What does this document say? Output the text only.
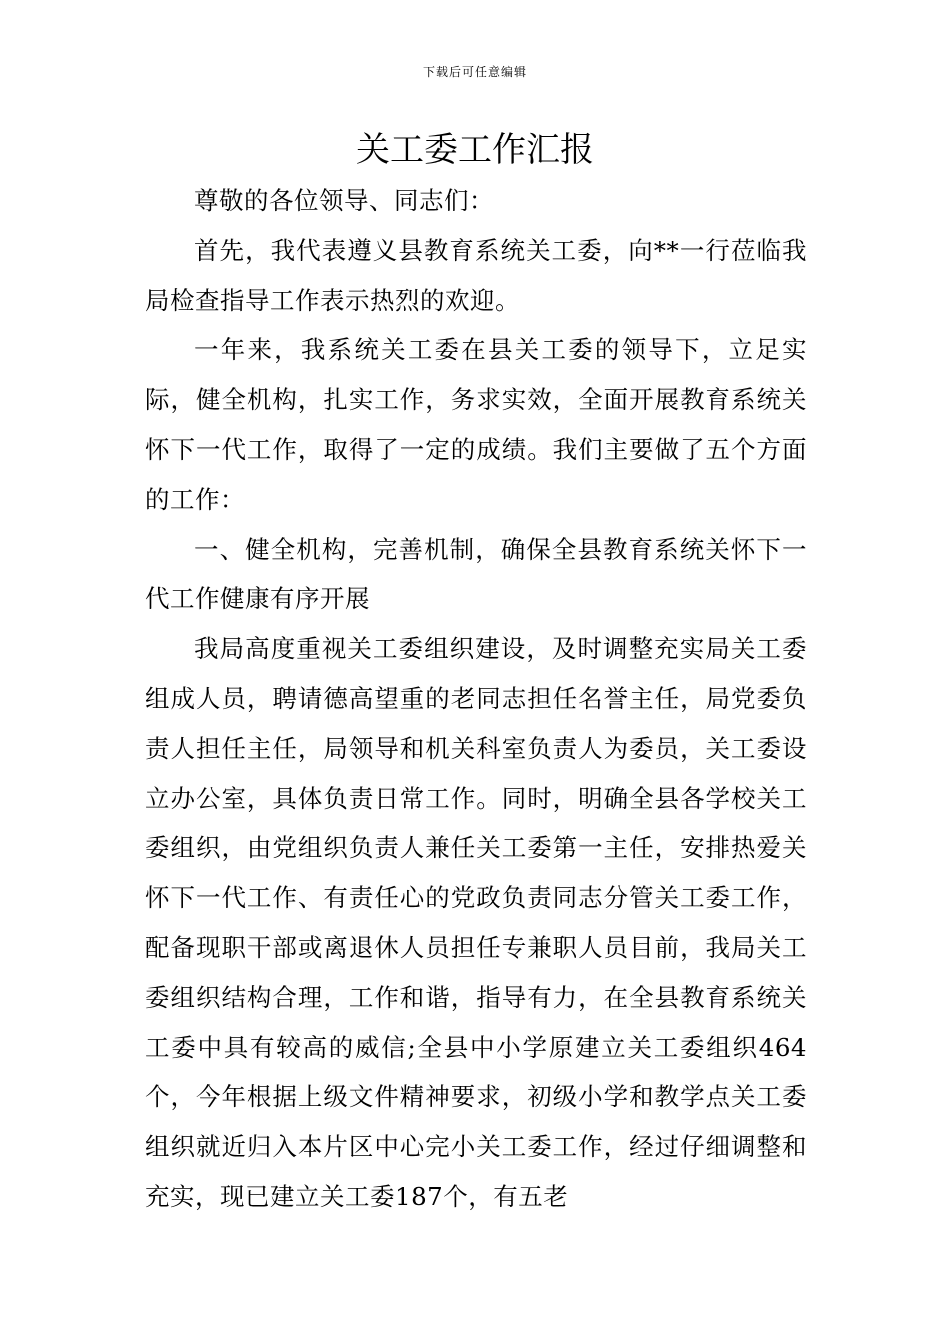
下载后可任意编辑
关工委工作汇报

尊敬的各位领导、同志们：

首先，我代表遵义县教育系统关工委，向**一行莅临我局检查指导工作表示热烈的欢迎。

一年来，我系统关工委在县关工委的领导下，立足实际，健全机构，扎实工作，务求实效，全面开展教育系统关怀下一代工作，取得了一定的成绩。我们主要做了五个方面的工作：

一、健全机构，完善机制，确保全县教育系统关怀下一代工作健康有序开展

我局高度重视关工委组织建设，及时调整充实局关工委组成人员，聘请德高望重的老同志担任名誉主任，局党委负责人担任主任，局领导和机关科室负责人为委员，关工委设立办公室，具体负责日常工作。同时，明确全县各学校关工委组织，由党组织负责人兼任关工委第一主任，安排热爱关怀下一代工作、有责任心的党政负责同志分管关工委工作，配备现职干部或离退休人员担任专兼职人员目前，我局关工委组织结构合理，工作和谐，指导有力，在全县教育系统关工委中具有较高的威信;全县中小学原建立关工委组织464个，今年根据上级文件精神要求，初级小学和教学点关工委组织就近归入本片区中心完小关工委工作，经过仔细调整和充实，现已建立关工委187个，有五老
